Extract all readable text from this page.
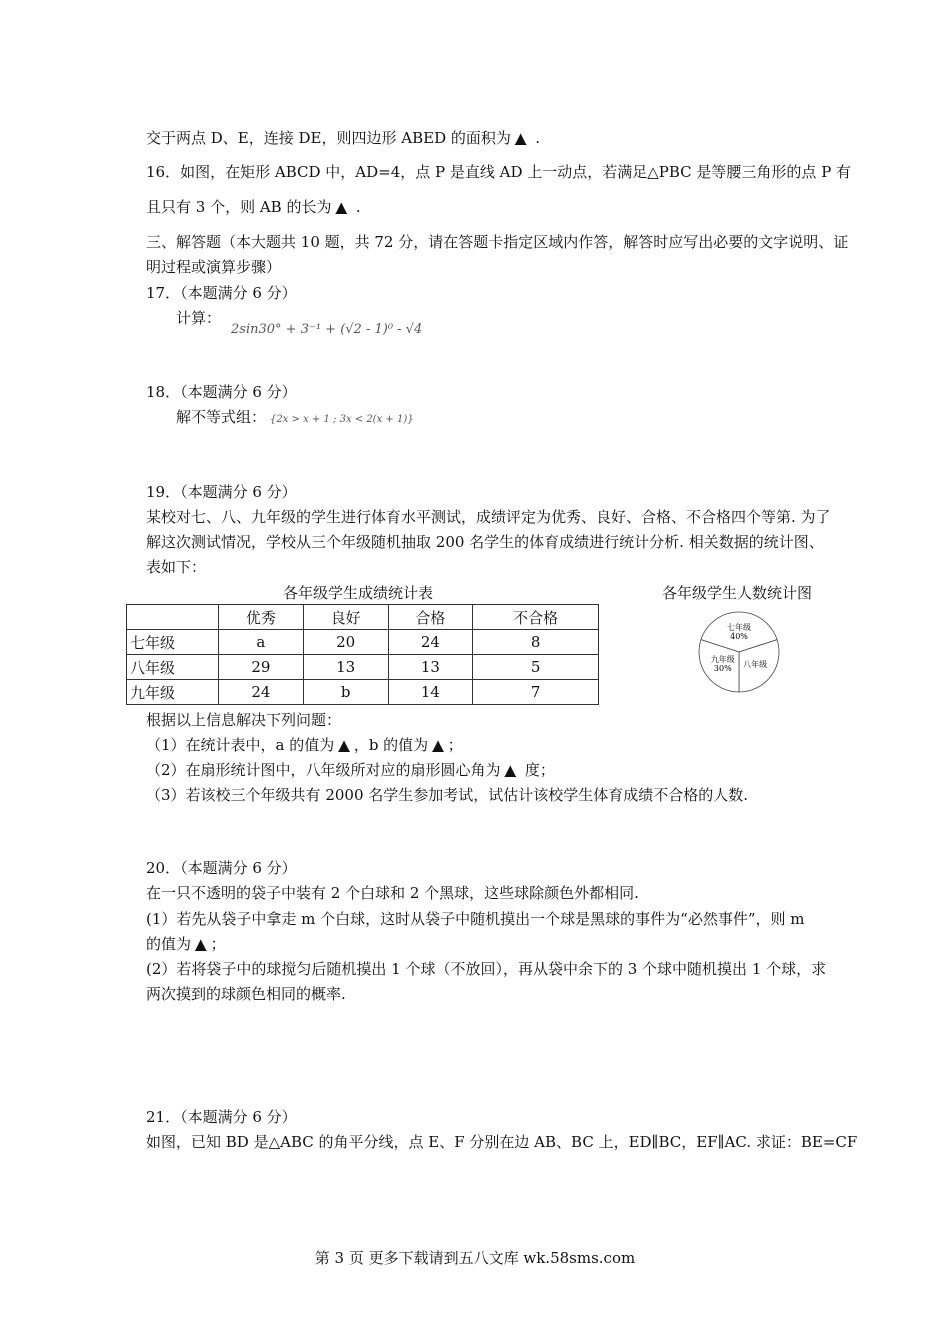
交于两点 D、E，连接 DE，则四边形 ABED 的面积为 ▲ .
16．如图，在矩形 ABCD 中，AD=4，点 P 是直线 AD 上一动点，若满足△PBC 是等腰三角形的点 P 有
且只有 3 个，则 AB 的长为 ▲ .
三、解答题（本大题共 10 题，共 72 分，请在答题卡指定区域内作答，解答时应写出必要的文字说明、证
明过程或演算步骤）
17．（本题满分 6 分）
计算：2sin30° + 3⁻¹ + (√2 - 1)⁰ - √4
18．（本题满分 6 分）
解不等式组： {2x > x + 1 ; 3x < 2(x + 1)}
19．（本题满分 6 分）
某校对七、八、九年级的学生进行体育水平测试，成绩评定为优秀、良好、合格、不合格四个等第. 为了
解这次测试情况，学校从三个年级随机抽取 200 名学生的体育成绩进行统计分析. 相关数据的统计图、
表如下：
各年级学生成绩统计表	各年级学生人数统计图
	优秀	良好	合格	不合格
七年级	a	20	24	8
八年级	29	13	13	5
九年级	24	b	14	7
七年级
40%
八年级
九年级
30%
根据以上信息解决下列问题：
（1）在统计表中，a 的值为 ▲ ，b 的值为 ▲ ；
（2）在扇形统计图中，八年级所对应的扇形圆心角为 ▲ 度；
（3）若该校三个年级共有 2000 名学生参加考试，试估计该校学生体育成绩不合格的人数.
20．（本题满分 6 分）
在一只不透明的袋子中装有 2 个白球和 2 个黑球，这些球除颜色外都相同.
(1）若先从袋子中拿走 m 个白球，这时从袋子中随机摸出一个球是黑球的事件为“必然事件”，则 m
的值为 ▲ ；
(2）若将袋子中的球搅匀后随机摸出 1 个球（不放回），再从袋中余下的 3 个球中随机摸出 1 个球，求
两次摸到的球颜色相同的概率.
21．（本题满分 6 分）
如图，已知 BD 是△ABC 的角平分线，点 E、F 分别在边 AB、BC 上，ED∥BC，EF∥AC. 求证：BE=CF
第 3 页 更多下载请到五八文库 wk.58sms.com
